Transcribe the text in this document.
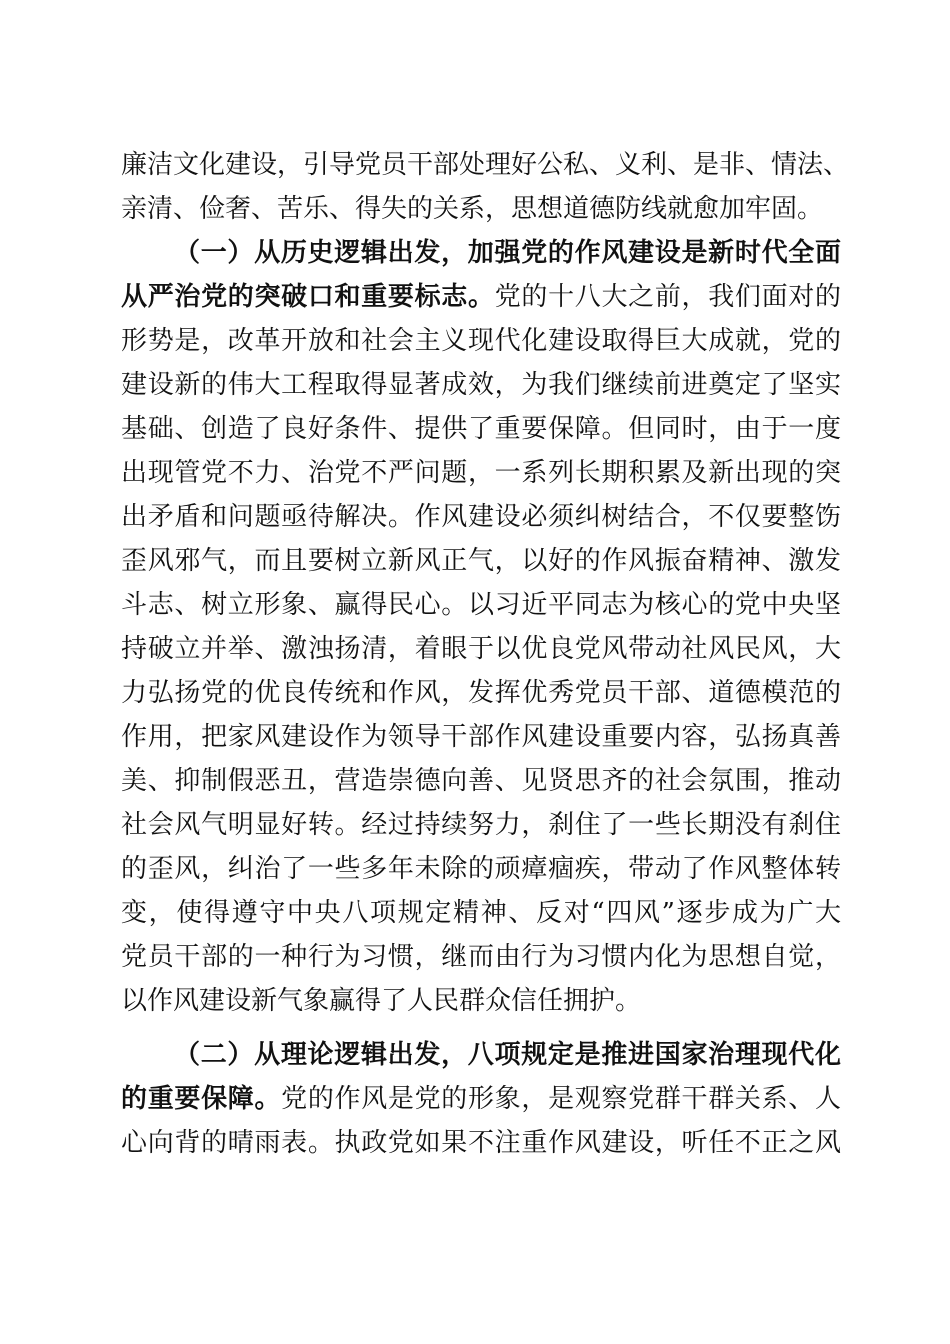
廉洁文化建设，引导党员干部处理好公私、义利、是非、情法、
亲清、俭奢、苦乐、得失的关系，思想道德防线就愈加牢固。
（一）从历史逻辑出发，加强党的作风建设是新时代全面
从严治党的突破口和重要标志。党的十八大之前，我们面对的
形势是，改革开放和社会主义现代化建设取得巨大成就，党的
建设新的伟大工程取得显著成效，为我们继续前进奠定了坚实
基础、创造了良好条件、提供了重要保障。但同时，由于一度
出现管党不力、治党不严问题，一系列长期积累及新出现的突
出矛盾和问题亟待解决。作风建设必须纠树结合，不仅要整饬
歪风邪气，而且要树立新风正气，以好的作风振奋精神、激发
斗志、树立形象、赢得民心。以习近平同志为核心的党中央坚
持破立并举、激浊扬清，着眼于以优良党风带动社风民风，大
力弘扬党的优良传统和作风，发挥优秀党员干部、道德模范的
作用，把家风建设作为领导干部作风建设重要内容，弘扬真善
美、抑制假恶丑，营造崇德向善、见贤思齐的社会氛围，推动
社会风气明显好转。经过持续努力，刹住了一些长期没有刹住
的歪风，纠治了一些多年未除的顽瘴痼疾，带动了作风整体转
变，使得遵守中央八项规定精神、反对“四风”逐步成为广大
党员干部的一种行为习惯，继而由行为习惯内化为思想自觉，
以作风建设新气象赢得了人民群众信任拥护。
（二）从理论逻辑出发，八项规定是推进国家治理现代化
的重要保障。党的作风是党的形象，是观察党群干群关系、人
心向背的晴雨表。执政党如果不注重作风建设，听任不正之风
